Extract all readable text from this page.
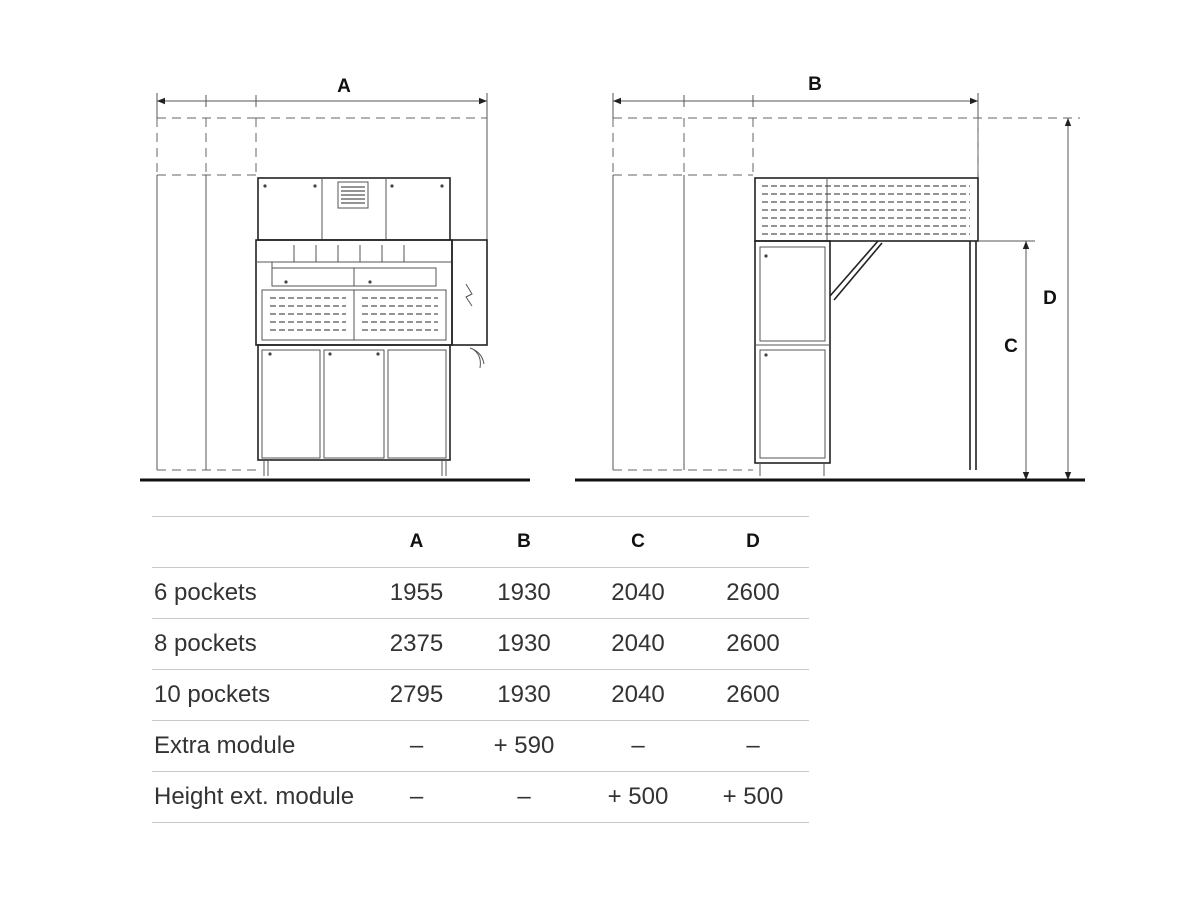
A	B
C
D
	A	B	C	D
6 pockets	1955	1930	2040	2600
8 pockets	2375	1930	2040	2600
10 pockets	2795	1930	2040	2600
Extra module	–	+ 590	–	–
Height ext. module	–	–	+ 500	+ 500
